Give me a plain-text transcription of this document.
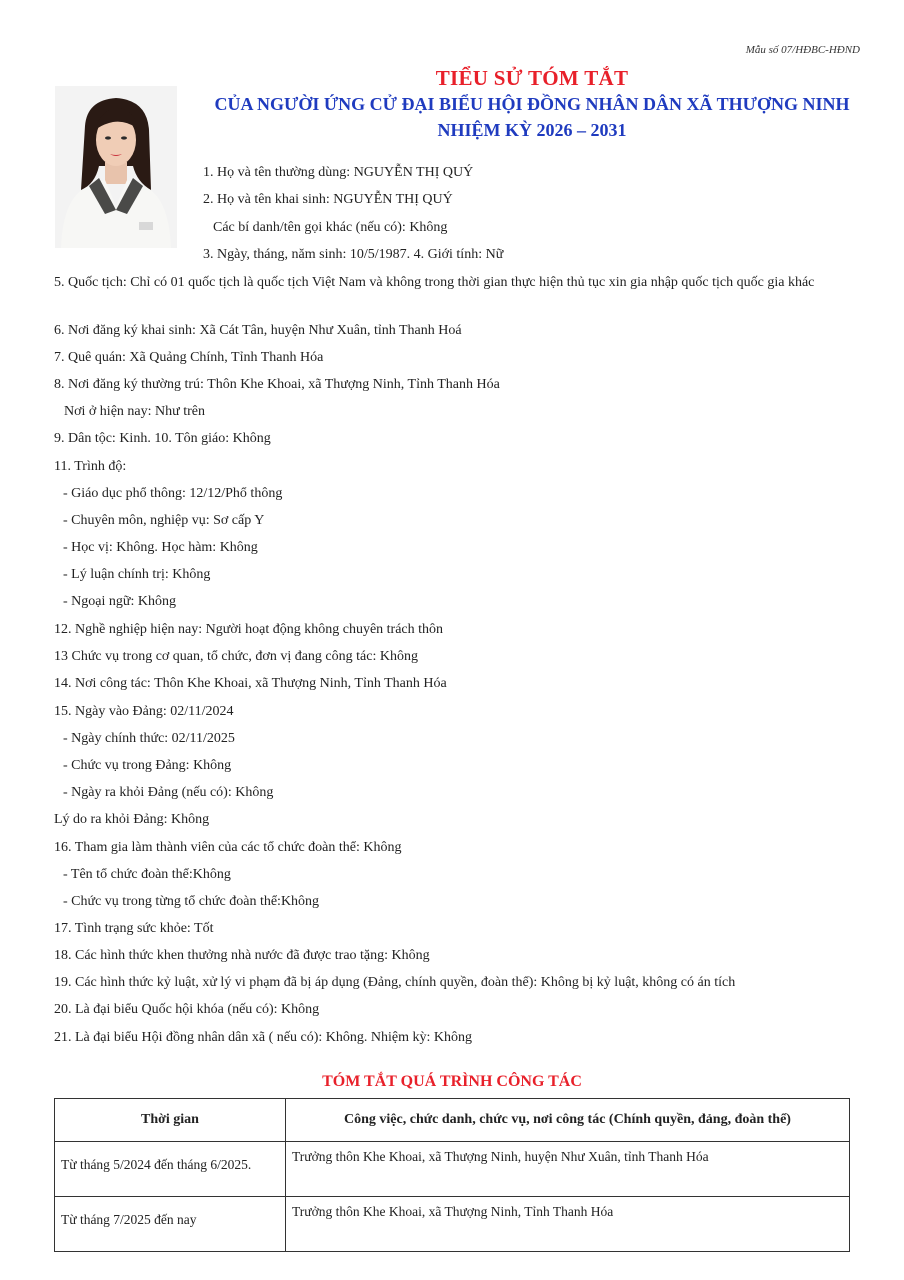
Mẫu số 07/HĐBC-HĐND
TIỂU SỬ TÓM TẮT
CỦA NGƯỜI ỨNG CỬ ĐẠI BIỂU HỘI ĐỒNG NHÂN DÂN XÃ THƯỢNG NINH
NHIỆM KỲ 2026 – 2031
1. Họ và tên thường dùng: NGUYỄN THỊ QUÝ
2. Họ và tên khai sinh: NGUYỄN THỊ QUÝ
Các bí danh/tên gọi khác (nếu có): Không
3. Ngày, tháng, năm sinh: 10/5/1987. 4. Giới tính: Nữ
5. Quốc tịch: Chỉ có 01 quốc tịch là quốc tịch Việt Nam và không trong thời gian thực hiện thủ tục xin gia nhập quốc tịch quốc gia khác
6. Nơi đăng ký khai sinh: Xã Cát Tân, huyện Như Xuân, tỉnh Thanh Hoá
7. Quê quán: Xã Quảng Chính, Tỉnh Thanh Hóa
8. Nơi đăng ký thường trú: Thôn Khe Khoai, xã Thượng Ninh, Tỉnh Thanh Hóa
Nơi ở hiện nay: Như trên
9. Dân tộc: Kinh. 10. Tôn giáo: Không
11. Trình độ:
- Giáo dục phổ thông: 12/12/Phổ thông
- Chuyên môn, nghiệp vụ: Sơ cấp Y
- Học vị: Không. Học hàm: Không
- Lý luận chính trị: Không
- Ngoại ngữ: Không
12. Nghề nghiệp hiện nay: Người hoạt động không chuyên trách thôn
13 Chức vụ trong cơ quan, tổ chức, đơn vị đang công tác: Không
14. Nơi công tác: Thôn Khe Khoai, xã Thượng Ninh, Tỉnh Thanh Hóa
15. Ngày vào Đảng: 02/11/2024
- Ngày chính thức: 02/11/2025
- Chức vụ trong Đảng: Không
- Ngày ra khỏi Đảng (nếu có): Không
Lý do ra khỏi Đảng: Không
16. Tham gia làm thành viên của các tổ chức đoàn thể: Không
- Tên tổ chức đoàn thể:Không
- Chức vụ trong từng tổ chức đoàn thể:Không
17. Tình trạng sức khỏe: Tốt
18. Các hình thức khen thưởng nhà nước đã được trao tặng: Không
19. Các hình thức kỷ luật, xử lý vi phạm đã bị áp dụng (Đảng, chính quyền, đoàn thể): Không bị kỷ luật, không có án tích
20. Là đại biểu Quốc hội khóa (nếu có): Không
21. Là đại biểu Hội đồng nhân dân xã ( nếu có): Không. Nhiệm kỳ: Không
TÓM TẮT QUÁ TRÌNH CÔNG TÁC
Thời gian	Công việc, chức danh, chức vụ, nơi công tác (Chính quyền, đảng, đoàn thể)
Từ tháng 5/2024 đến tháng 6/2025.	Trưởng thôn Khe Khoai, xã Thượng Ninh, huyện Như Xuân, tỉnh Thanh Hóa
Từ tháng 7/2025 đến nay	Trưởng thôn Khe Khoai, xã Thượng Ninh, Tỉnh Thanh Hóa
